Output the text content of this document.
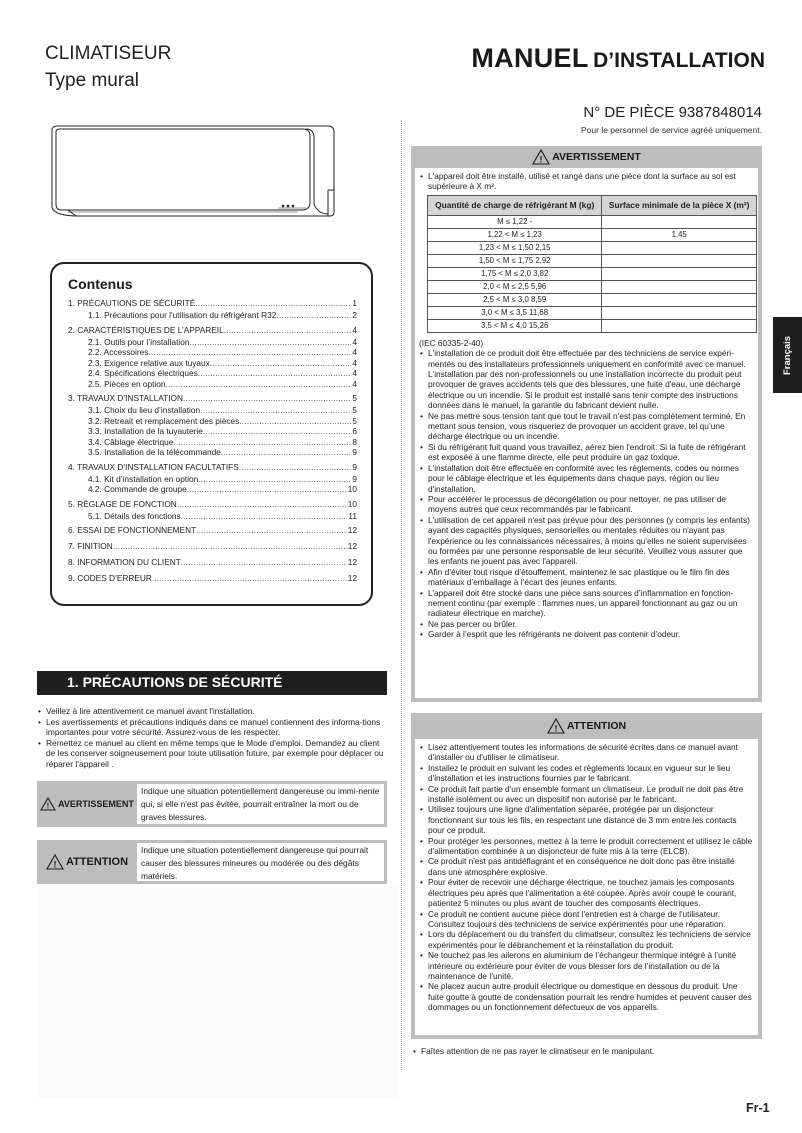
CLIMATISEUR
Type mural
MANUEL D’INSTALLATION
N° DE PIÈCE 9387848014
Pour le personnel de service agréé uniquement.
Contenus
1. PRÉCAUTIONS DE SÉCURITÉ .....	1
1.1. Précautions pour l'utilisation du réfrigérant R32 .....	2
2. CARACTÉRISTIQUES DE L’APPAREIL .....	4
2.1. Outils pour l’installation .....	4
2.2. Accessoires .....	4
2.3. Exigence relative aux tuyaux .....	4
2.4. Spécifications électriques .....	4
2.5. Pièces en option .....	4
3. TRAVAUX D’INSTALLATION .....	5
3.1. Choix du lieu d’installation .....	5
3.2. Retreait et remplacement des pièces .....	5
3.3. Installation de la tuyauterie .....	6
3.4. Câblage électrique .....	8
3.5. Installation de la télécommande .....	9
4. TRAVAUX D’INSTALLATION FACULTATIFS .....	9
4.1. Kit d’installation en option .....	9
4.2. Commande de groupe .....	10
5. RÉGLAGE DE FONCTION .....	10
5.1. Détails des fonctions .....	11
6. ESSAI DE FONCTIONNEMENT .....	12
7. FINITION .....	12
8. INFORMATION DU CLIENT .....	12
9. CODES D’ERREUR .....	12
1. PRÉCAUTIONS DE SÉCURITÉ

• Veillez à lire attentivement ce manuel avant l'installation.

• Les avertissements et précautions indiqués dans ce manuel contiennent des informa-tions importantes pour votre sécurité. Assurez-vous de les respecter.

• Remettez ce manuel au client en même temps que le Mode d’emploi. Demandez au client de les conserver soigneusement pour toute utilisation future, par exemple pour déplacer ou réparer l’appareil .

! AVERTISSEMENT
Indique une situation potentiellement dangereuse ou immi-nente qui, si elle n'est pas évitée, pourrait entraîner la mort ou de graves blessures.
! ATTENTION
Indique une situation potentiellement dangereuse qui pourrait causer des blessures mineures ou modérée ou des dégâts matériels.
! AVERTISSEMENT

• L'appareil doit être installé, utilisé et rangé dans une pièce dont la surface au sol est supérieure à X m².

Quantité de charge de réfrigérant M (kg)	Surface minimale de la pièce X (m²)
M ≤ 1,22 -	
1,22 < M ≤ 1,23	1,45
1,23 < M ≤ 1,50 2,15	
1,50 < M ≤ 1,75 2,92	
1,75 < M ≤ 2,0 3,82	
2,0 < M ≤ 2,5 5,96	
2,5 < M ≤ 3,0 8,59	
3,0 < M ≤ 3,5 11,68	
3,5 < M ≤ 4,0 15,26	

(IEC 60335-2-40)

• L'installation de ce produit doit être effectuée par des techniciens de service expéri-mentés ou des installateurs professionnels uniquement en conformité avec ce manuel. L'installation par des non-professionnels ou une installation incorrecte du produit peut provoquer de graves accidents tels que des blessures, une fuite d'eau, une décharge électrique ou un incendie. Si le produit est installé sans tenir compte des instructions données dans le manuel, la garantie du fabricant devient nulle.

• Ne pas mettre sous tension tant que tout le travail n’est pas complètement terminé. En mettant sous tension, vous risqueriez de provoquer un accident grave, tel qu’une décharge électrique ou un incendie.

• Si du réfrigérant fuit quand vous travaillez, aérez bien l'endroit. Si la fuite de réfrigérant est exposée à une flamme directe, elle peut produire un gaz toxique.

• L'installation doit être effectuée en conformité avec les règlements, codes ou normes pour le câblage électrique et les équipements dans chaque pays, région ou lieu d'installation.

• Pour accélérer le processus de décongélation ou pour nettoyer, ne pas utiliser de moyens autres que ceux recommandés par le fabricant.

• L'utilisation de cet appareil n'est pas prévue pour des personnes (y compris les enfants) ayant des capacités physiques, sensorielles ou mentales réduites ou n'ayant pas l'expérience ou les connaissances nécessaires, à moins qu'elles ne soient supervisées ou formées par une personne responsable de leur sécurité. Veuillez vous assurer que les enfants ne jouent pas avec l'appareil.

• Afin d’éviter tout risque d’étouffement, maintenez le sac plastique ou le film fin des matériaux d’emballage à l’écart des jeunes enfants.

• L’appareil doit être stocké dans une pièce sans sources d’inflammation en fonction-nement continu (par exemple : flammes nues, un appareil fonctionnant au gaz ou un radiateur électrique en marche).

• Ne pas percer ou brûler.

• Garder à l’esprit que les réfrigérants ne doivent pas contenir d’odeur.

! ATTENTION

• Lisez attentivement toutes les informations de sécurité écrites dans ce manuel avant d'installer ou d'utiliser le climatiseur.

• Installez le produit en suivant les codes et règlements locaux en vigueur sur le lieu d'installation et les instructions fournies par le fabricant.

• Ce produit fait partie d'un ensemble formant un climatiseur. Le produit ne doit pas être installé isolément ou avec un dispositif non autorisé par le fabricant.

• Utilisez toujours une ligne d'alimentation séparée, protégée par un disjoncteur fonctionnant sur tous les fils, en respectant une distance de 3 mm entre les contacts pour ce produit.

• Pour protéger les personnes, mettez à la terre le produit correctement et utilisez le câble d'alimentation combinée à un disjoncteur de fuite mis à la terre (ELCB).

• Ce produit n'est pas antidéflagrant et en conséquence ne doit donc pas être installé dans une atmosphère explosive.

• Pour éviter de recevoir une décharge électrique, ne touchez jamais les composants électriques peu après que l'alimentation a été coupée. Après avoir coupé le courant, patientez 5 minutes ou plus avant de toucher des composants électriques.

• Ce produit ne contient aucune pièce dont l'entretien est à charge de l'utilisateur. Consultez toujours des techniciens de service expérimentés pour une réparation.

• Lors du déplacement ou du transfert du climatiseur, consultez les techniciens de service expérimentés pour le débranchement et la réinstallation du produit.

• Ne touchez pas les ailerons en aluminium de l’échangeur thermique intégré à l’unité intérieure ou extérieure pour éviter de vous blesser lors de l’installation ou de la maintenance de l’unité.

• Ne placez aucun autre produit électrique ou domestique en dessous du produit. Une fuite goutte à goutte de condensation pourrait les rendre humides et peuvent causer des dommages ou un fonctionnement défectueux de vos appareils.

• Faîtes attention de ne pas rayer le climatiseur en le manipulant.
Français
Fr-1
